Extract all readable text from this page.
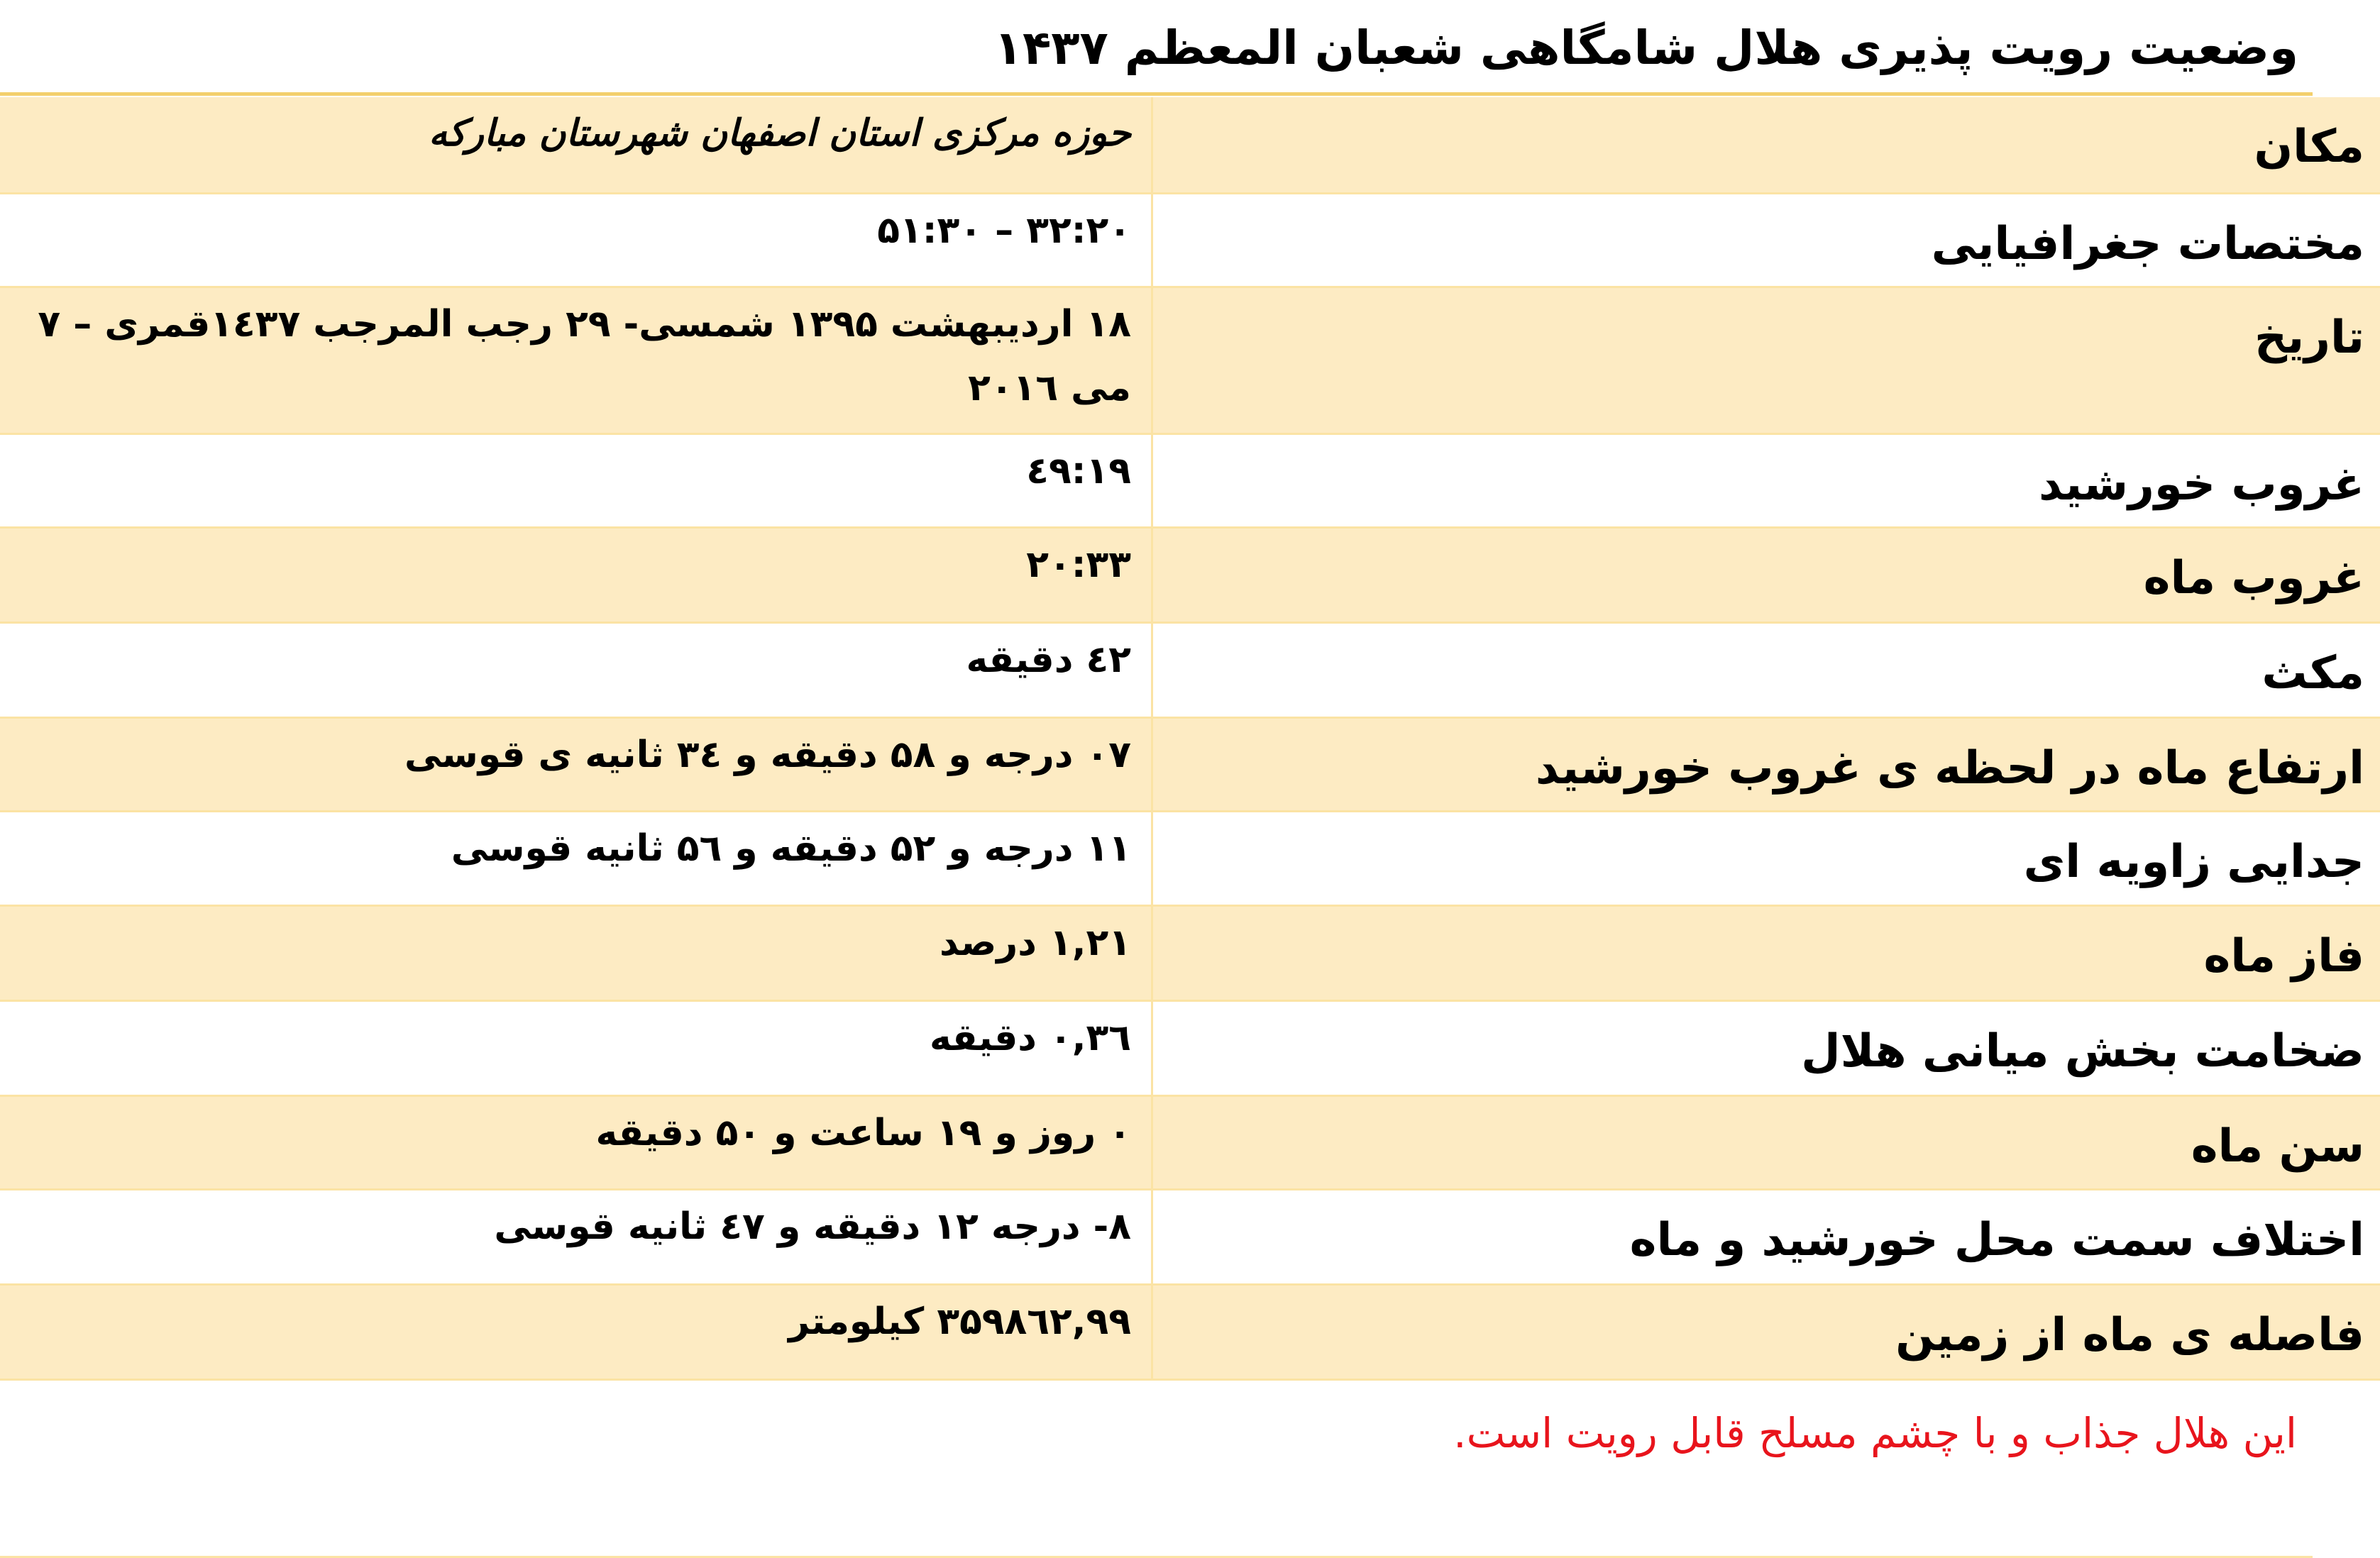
وضعیت رویت پذیری هلال شامگاهی شعبان المعظم ۱۴۳۷
مکان	حوزه مرکزی استان اصفهان شهرستان مبارکه
مختصات جغرافیایی	۳۲:۲۰ – ۵۱:۳۰
تاریخ	۱۸ اردیبهشت ۱۳۹۵ شمسی- ۲۹ رجب المرجب ۱٤۳۷قمری – ۷ می ۲۰۱٦
غروب خورشید	۱۹:٤۹
غروب ماه	۲۰:۳۳
مکث	٤۲ دقیقه
ارتفاع ماه در لحظه ی غروب خورشید	۰۷ درجه و ۵۸ دقیقه و ۳٤ ثانیه ی قوسی
جدایی زاویه ای	۱۱ درجه و ۵۲ دقیقه و ۵٦ ثانیه قوسی
فاز ماه	۱,۲۱ درصد
ضخامت بخش میانی هلال	۰,۳٦ دقیقه
سن ماه	۰ روز و ۱۹ ساعت و ۵۰ دقیقه
اختلاف سمت محل خورشید و ماه	۸- درجه ۱۲ دقیقه و ٤۷ ثانیه قوسی
فاصله ی ماه از زمین	۳۵۹۸٦۲,۹۹ کیلومتر
این هلال جذاب و با چشم مسلح قابل رویت است.
